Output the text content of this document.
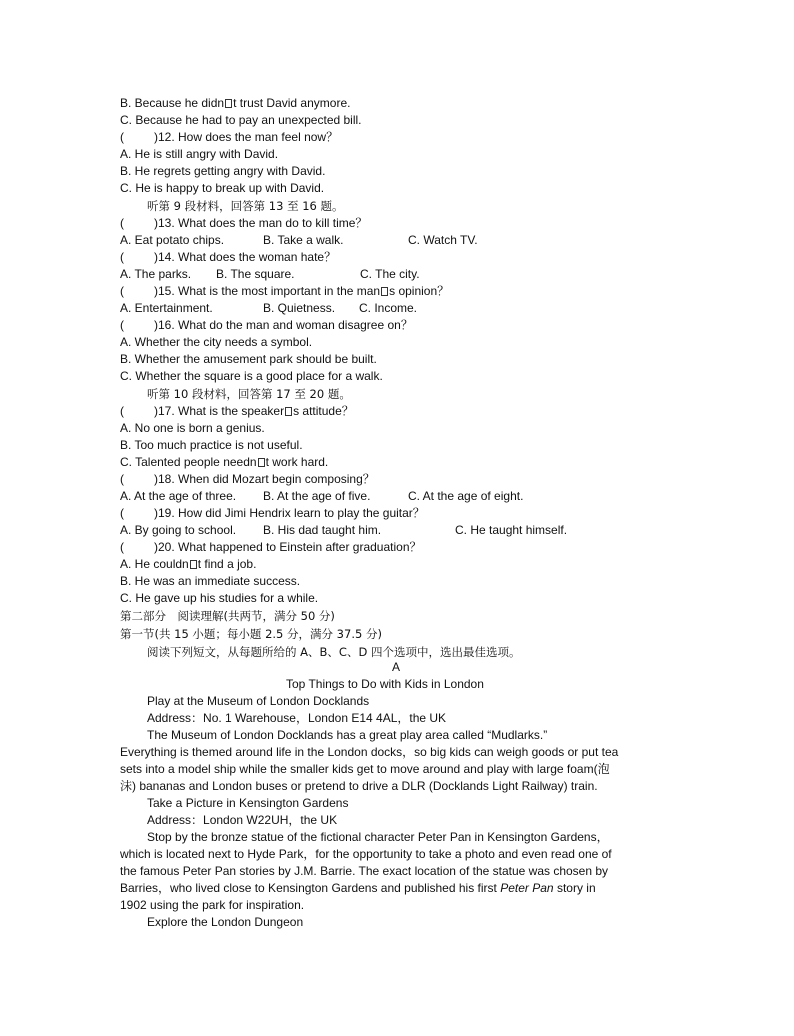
B. Because he didn t trust David anymore.
C. Because he had to pay an unexpected bill.
(	)12. How does the man feel now？
A. He is still angry with David.
B. He regrets getting angry with David.
C. He is happy to break up with David.
听第 9 段材料，回答第 13 至 16 题。
(	)13. What does the man do to kill time？
A. Eat potato chips.	B. Take a walk.	C. Watch TV.
(	)14. What does the woman hate？
A. The parks. B. The square.	C. The city.
(	)15. What is the most important in the man s opinion？
A. Entertainment.	B. Quietness. C. Income.
(	)16. What do the man and woman disagree on？
A. Whether the city needs a symbol.
B. Whether the amusement park should be built.
C. Whether the square is a good place for a walk.
听第 10 段材料，回答第 17 至 20 题。
(	)17. What is the speaker s attitude？
A. No one is born a genius.
B. Too much practice is not useful.
C. Talented people needn t work hard.
(	)18. When did Mozart begin composing？
A. At the age of three. B. At the age of five.	C. At the age of eight.
(	)19. How did Jimi Hendrix learn to play the guitar？
A. By going to school. B. His dad taught him.	C. He taught himself.
(	)20. What happened to Einstein after graduation？
A. He couldn t find a job.
B. He was an immediate success.
C. He gave up his studies for a while.
第二部分　阅读理解(共两节，满分 50 分)
第一节(共 15 小题；每小题 2.5 分，满分 37.5 分)
阅读下列短文，从每题所给的 A、B、C、D 四个选项中，选出最佳选项。
A
Top Things to Do with Kids in London
Play at the Museum of London Docklands
Address：No. 1 Warehouse，London E14 4AL，the UK
The Museum of London Docklands has a great play area called “Mudlarks.”
Everything is themed around life in the London docks，so big kids can weigh goods or put tea
sets into a model ship while the smaller kids get to move around and play with large foam(泡
沫) bananas and London buses or pretend to drive a DLR (Docklands Light Railway) train.
Take a Picture in Kensington Gardens
Address：London W22UH，the UK
Stop by the bronze statue of the fictional character Peter Pan in Kensington Gardens，
which is located next to Hyde Park，for the opportunity to take a photo and even read one of
the famous Peter Pan stories by J.M. Barrie. The exact location of the statue was chosen by
Barries，who lived close to Kensington Gardens and published his first Peter Pan story in
1902 using the park for inspiration.
Explore the London Dungeon
